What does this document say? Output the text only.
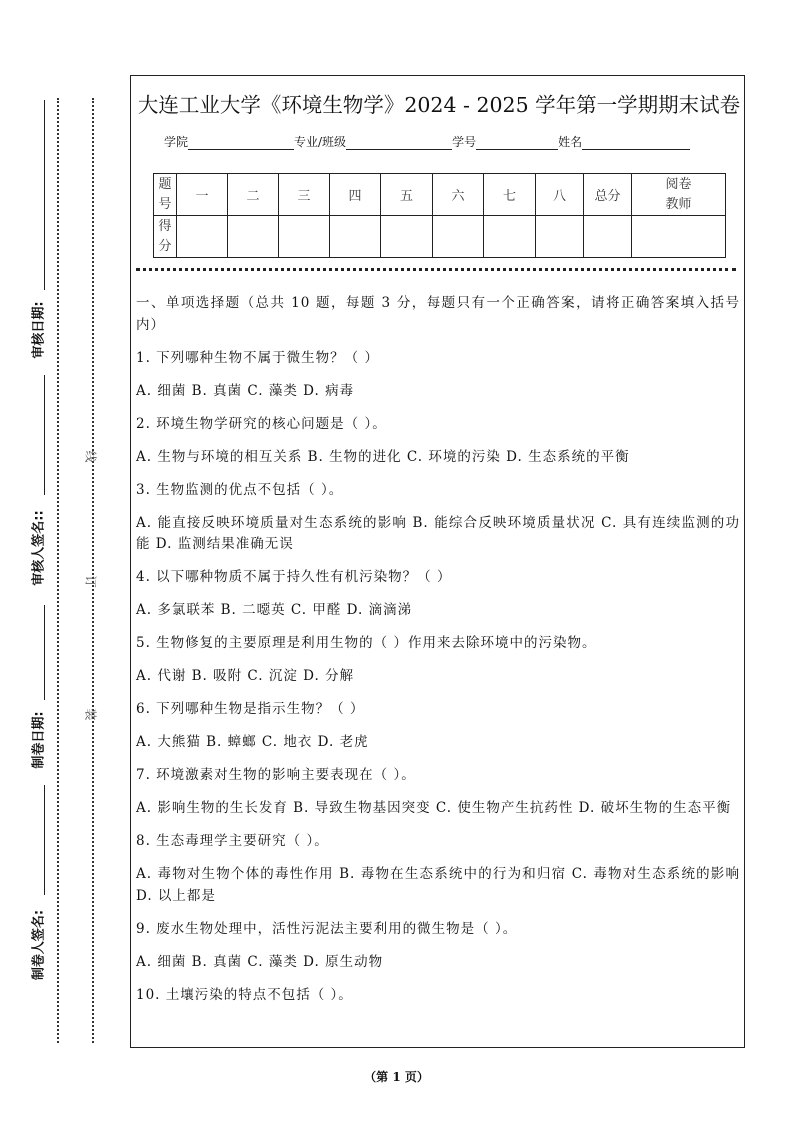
审核日期:
审核人签名::
制卷日期:
制卷人签名:
线
订
装
大连工业大学《环境生物学》2024 - 2025 学年第一学期期末试卷
学院	专业/班级	学号	姓名
题号	一	二	三	四	五	六	七	八	总分	阅卷教师
得分										

一、单项选择题（总共 10 题，每题 3 分，每题只有一个正确答案，请将正确答案填入括号内）

1. 下列哪种生物不属于微生物？（ ）

A. 细菌 B. 真菌 C. 藻类 D. 病毒

2. 环境生物学研究的核心问题是（ ）。

A. 生物与环境的相互关系 B. 生物的进化 C. 环境的污染 D. 生态系统的平衡

3. 生物监测的优点不包括（ ）。

A. 能直接反映环境质量对生态系统的影响 B. 能综合反映环境质量状况 C. 具有连续监测的功能 D. 监测结果准确无误

4. 以下哪种物质不属于持久性有机污染物？（ ）

A. 多氯联苯 B. 二噁英 C. 甲醛 D. 滴滴涕

5. 生物修复的主要原理是利用生物的（ ）作用来去除环境中的污染物。

A. 代谢 B. 吸附 C. 沉淀 D. 分解

6. 下列哪种生物是指示生物？（ ）

A. 大熊猫 B. 蟑螂 C. 地衣 D. 老虎

7. 环境激素对生物的影响主要表现在（ ）。

A. 影响生物的生长发育 B. 导致生物基因突变 C. 使生物产生抗药性 D. 破坏生物的生态平衡

8. 生态毒理学主要研究（ ）。

A. 毒物对生物个体的毒性作用 B. 毒物在生态系统中的行为和归宿 C. 毒物对生态系统的影响 D. 以上都是

9. 废水生物处理中，活性污泥法主要利用的微生物是（ ）。

A. 细菌 B. 真菌 C. 藻类 D. 原生动物

10. 土壤污染的特点不包括（ ）。

（第 1 页）
